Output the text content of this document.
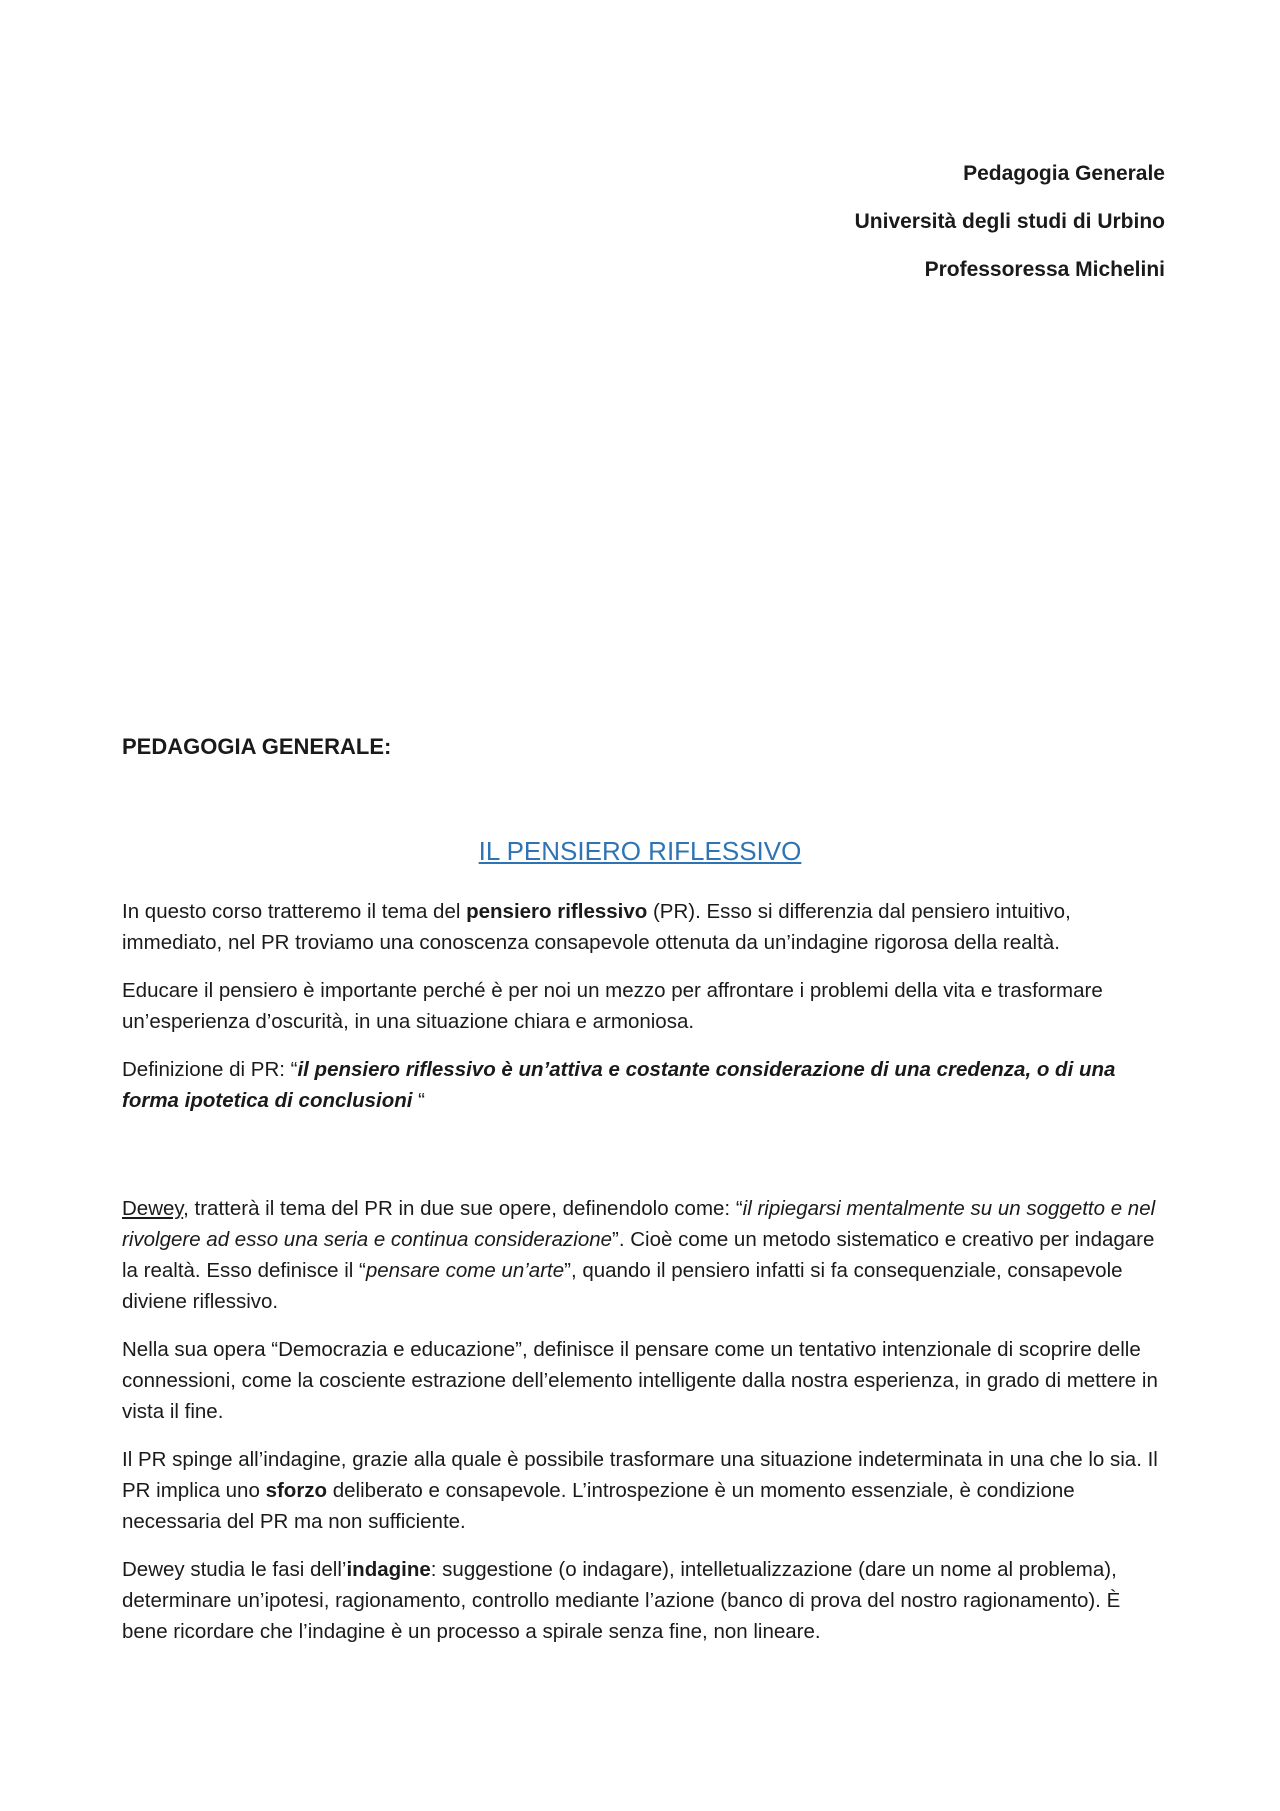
Pedagogia Generale
Università degli studi di Urbino
Professoressa Michelini
PEDAGOGIA GENERALE:
IL PENSIERO RIFLESSIVO

In questo corso tratteremo il tema del pensiero riflessivo (PR). Esso si differenzia dal pensiero intuitivo, immediato, nel PR troviamo una conoscenza consapevole ottenuta da un’indagine rigorosa della realtà.

Educare il pensiero è importante perché è per noi un mezzo per affrontare i problemi della vita e trasformare un’esperienza d’oscurità, in una situazione chiara e armoniosa.

Definizione di PR: “il pensiero riflessivo è un’attiva e costante considerazione di una credenza, o di una forma ipotetica di conclusioni “

Dewey, tratterà il tema del PR in due sue opere, definendolo come: “il ripiegarsi mentalmente su un soggetto e nel rivolgere ad esso una seria e continua considerazione”. Cioè come un metodo sistematico e creativo per indagare la realtà. Esso definisce il “pensare come un’arte”, quando il pensiero infatti si fa consequenziale, consapevole diviene riflessivo.

Nella sua opera “Democrazia e educazione”, definisce il pensare come un tentativo intenzionale di scoprire delle connessioni, come la cosciente estrazione dell’elemento intelligente dalla nostra esperienza, in grado di mettere in vista il fine.

Il PR spinge all’indagine, grazie alla quale è possibile trasformare una situazione indeterminata in una che lo sia. Il PR implica uno sforzo deliberato e consapevole. L’introspezione è un momento essenziale, è condizione necessaria del PR ma non sufficiente.

Dewey studia le fasi dell’indagine: suggestione (o indagare), intelletualizzazione (dare un nome al problema), determinare un’ipotesi, ragionamento, controllo mediante l’azione (banco di prova del nostro ragionamento). È bene ricordare che l’indagine è un processo a spirale senza fine, non lineare.
